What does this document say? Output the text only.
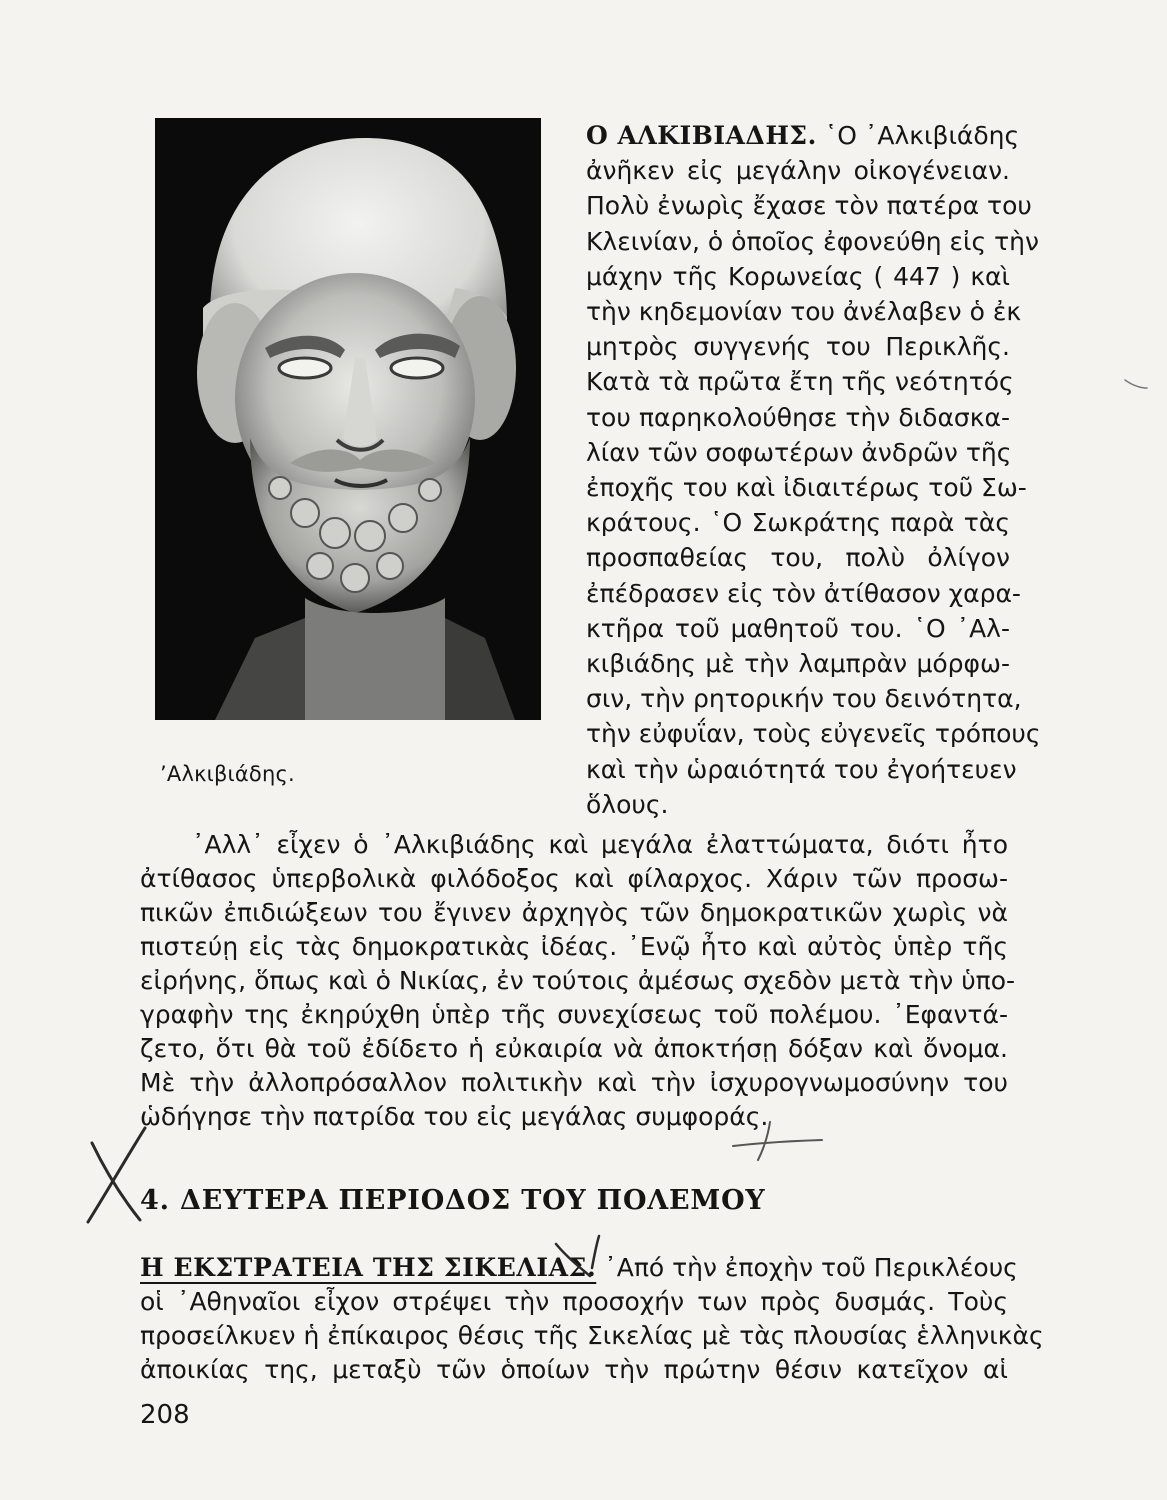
’Αλκιβιάδης.
Ο ΑΛΚΙΒΙΑΔΗΣ. ῾Ο ᾿Αλκιβιάδης
ἀνῆκεν εἰς μεγάλην οἰκογένειαν.
Πολὺ ἐνωρὶς ἔχασε τὸν πατέρα του
Κλεινίαν, ὁ ὁποῖος ἐφονεύθη εἰς τὴν
μάχην τῆς Κορωνείας ( 447 ) καὶ
τὴν κηδεμονίαν του ἀνέλαβεν ὁ ἐκ
μητρὸς συγγενής του Περικλῆς.
Κατὰ τὰ πρῶτα ἔτη τῆς νεότητός
του παρηκολούθησε τὴν διδασκα-
λίαν τῶν σοφωτέρων ἀνδρῶν τῆς
ἐποχῆς του καὶ ἰδιαιτέρως τοῦ Σω-
κράτους. ῾Ο Σωκράτης παρὰ τὰς
προσπαθείας του, πολὺ ὀλίγον
ἐπέδρασεν εἰς τὸν ἀτίθασον χαρα-
κτῆρα τοῦ μαθητοῦ του. ῾Ο ᾿Αλ-
κιβιάδης μὲ τὴν λαμπρὰν μόρφω-
σιν, τὴν ρητορικήν του δεινότητα,
τὴν εὐφυΐαν, τοὺς εὐγενεῖς τρόπους
καὶ τὴν ὡραιότητά του ἐγοήτευεν
ὅλους.
᾿Αλλ᾿ εἶχεν ὁ ᾿Αλκιβιάδης καὶ μεγάλα ἐλαττώματα, διότι ἦτο
ἀτίθασος ὑπερβολικὰ φιλόδοξος καὶ φίλαρχος. Χάριν τῶν προσω-
πικῶν ἐπιδιώξεων του ἔγινεν ἀρχηγὸς τῶν δημοκρατικῶν χωρὶς νὰ
πιστεύῃ εἰς τὰς δημοκρατικὰς ἰδέας. ᾿Ενῷ ἦτο καὶ αὐτὸς ὑπὲρ τῆς
εἰρήνης, ὅπως καὶ ὁ Νικίας, ἐν τούτοις ἀμέσως σχεδὸν μετὰ τὴν ὑπο-
γραφὴν της ἐκηρύχθη ὑπὲρ τῆς συνεχίσεως τοῦ πολέμου. ᾿Εφαντά-
ζετο, ὅτι θὰ τοῦ ἐδίδετο ἡ εὐκαιρία νὰ ἀποκτήσῃ δόξαν καὶ ὄνομα.
Μὲ τὴν ἀλλοπρόσαλλον πολιτικὴν καὶ τὴν ἰσχυρογνωμοσύνην του
ὡδήγησε τὴν πατρίδα του εἰς μεγάλας συμφοράς.
4. ΔΕΥΤΕΡΑ ΠΕΡΙΟΔΟΣ ΤΟΥ ΠΟΛΕΜΟΥ
Η ΕΚΣΤΡΑΤΕΙΑ ΤΗΣ ΣΙΚΕΛΙΑΣ. ᾿Από τὴν ἐποχὴν τοῦ Περικλέους
οἱ ᾿Αθηναῖοι εἶχον στρέψει τὴν προσοχήν των πρὸς δυσμάς. Τοὺς
προσείλκυεν ἡ ἐπίκαιρος θέσις τῆς Σικελίας μὲ τὰς πλουσίας ἑλληνικὰς
ἀποικίας της, μεταξὺ τῶν ὁποίων τὴν πρώτην θέσιν κατεῖχον αἱ
208
